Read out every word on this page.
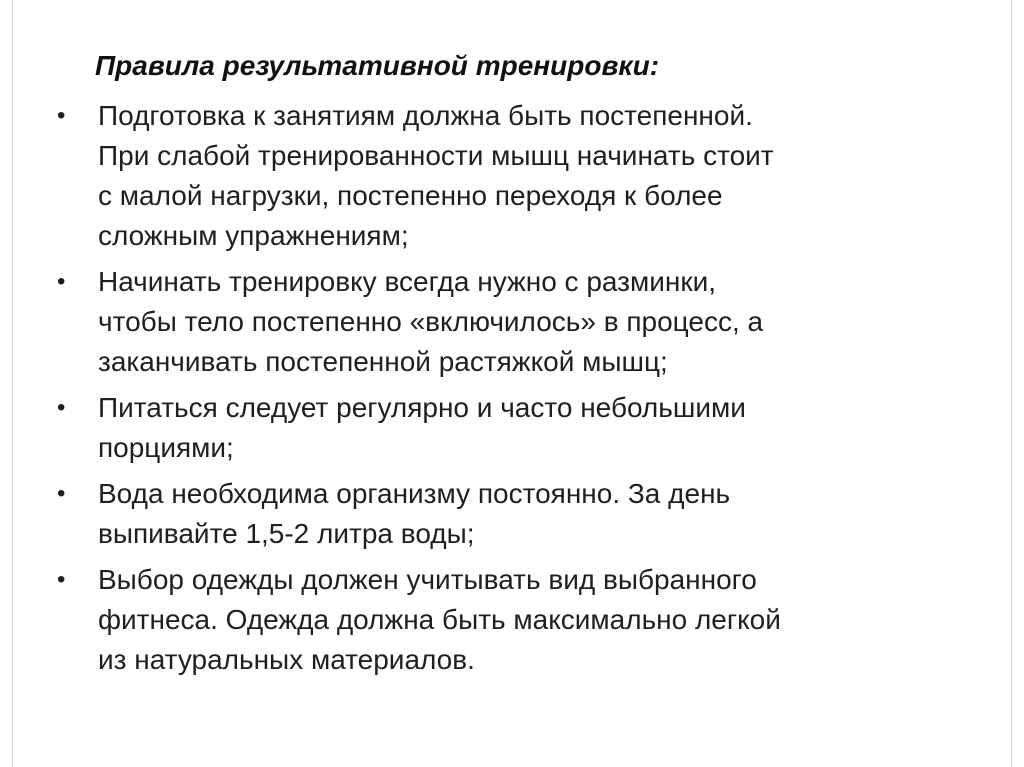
Правила результативной тренировки:
• Подготовка к занятиям должна быть постепенной.
При слабой тренированности мышц начинать стоит
с малой нагрузки, постепенно переходя к более
сложным упражнениям;
• Начинать тренировку всегда нужно с разминки,
чтобы тело постепенно «включилось» в процесс, а
заканчивать постепенной растяжкой мышц;
• Питаться следует регулярно и часто небольшими
порциями;
• Вода необходима организму постоянно. За день
выпивайте 1,5-2 литра воды;
• Выбор одежды должен учитывать вид выбранного
фитнеса. Одежда должна быть максимально легкой
из натуральных материалов.
